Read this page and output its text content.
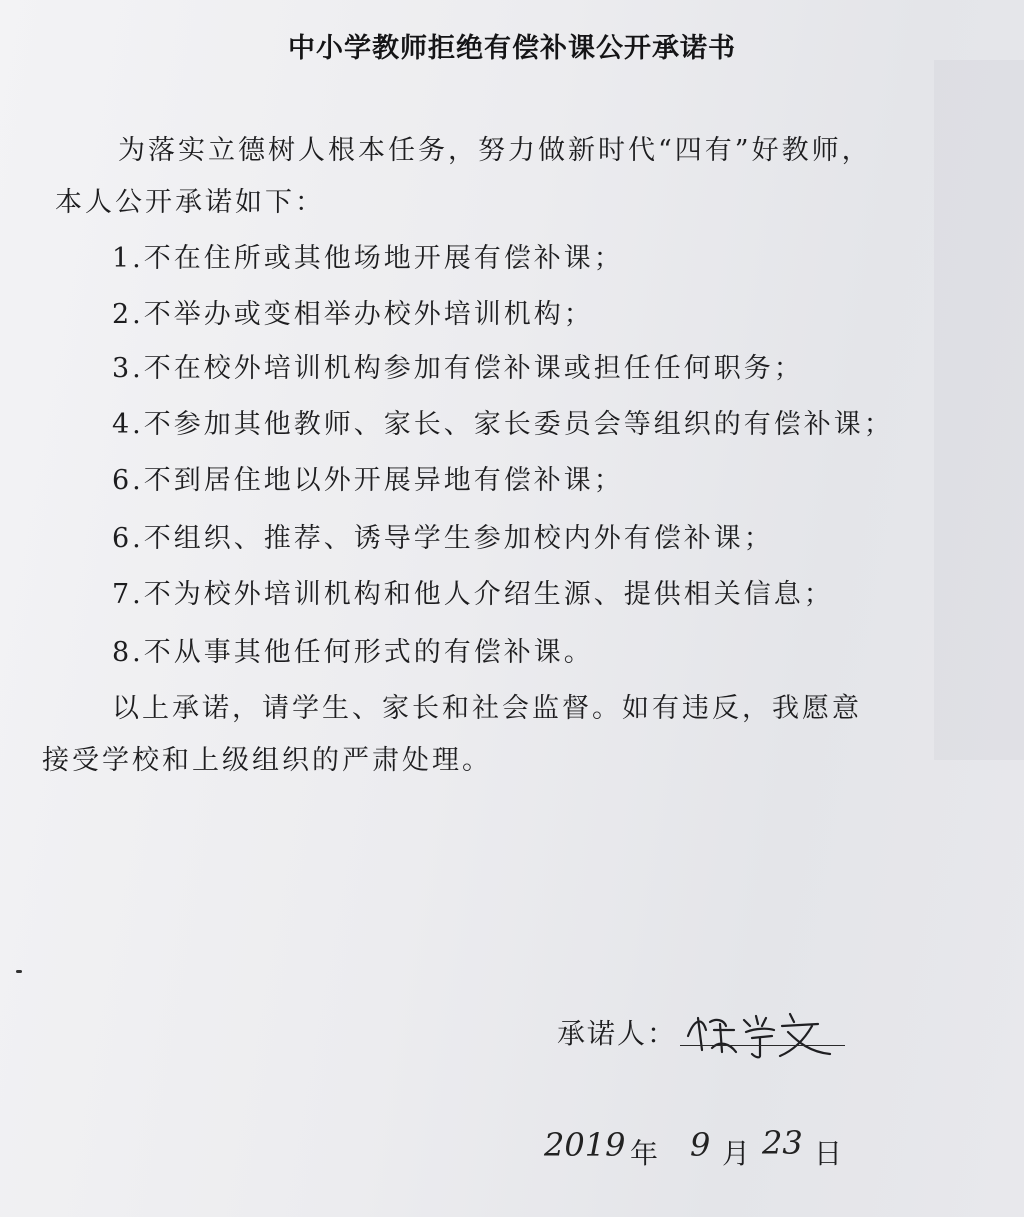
中小学教师拒绝有偿补课公开承诺书
为落实立德树人根本任务，努力做新时代“四有”好教师，
本人公开承诺如下：
1.不在住所或其他场地开展有偿补课；
2.不举办或变相举办校外培训机构；
3.不在校外培训机构参加有偿补课或担任任何职务；
4.不参加其他教师、家长、家长委员会等组织的有偿补课；
6.不到居住地以外开展异地有偿补课；
6.不组织、推荐、诱导学生参加校内外有偿补课；
7.不为校外培训机构和他人介绍生源、提供相关信息；
8.不从事其他任何形式的有偿补课。
以上承诺，请学生、家长和社会监督。如有违反，我愿意
接受学校和上级组织的严肃处理。
承诺人：
2019 年 9 月 23 日
